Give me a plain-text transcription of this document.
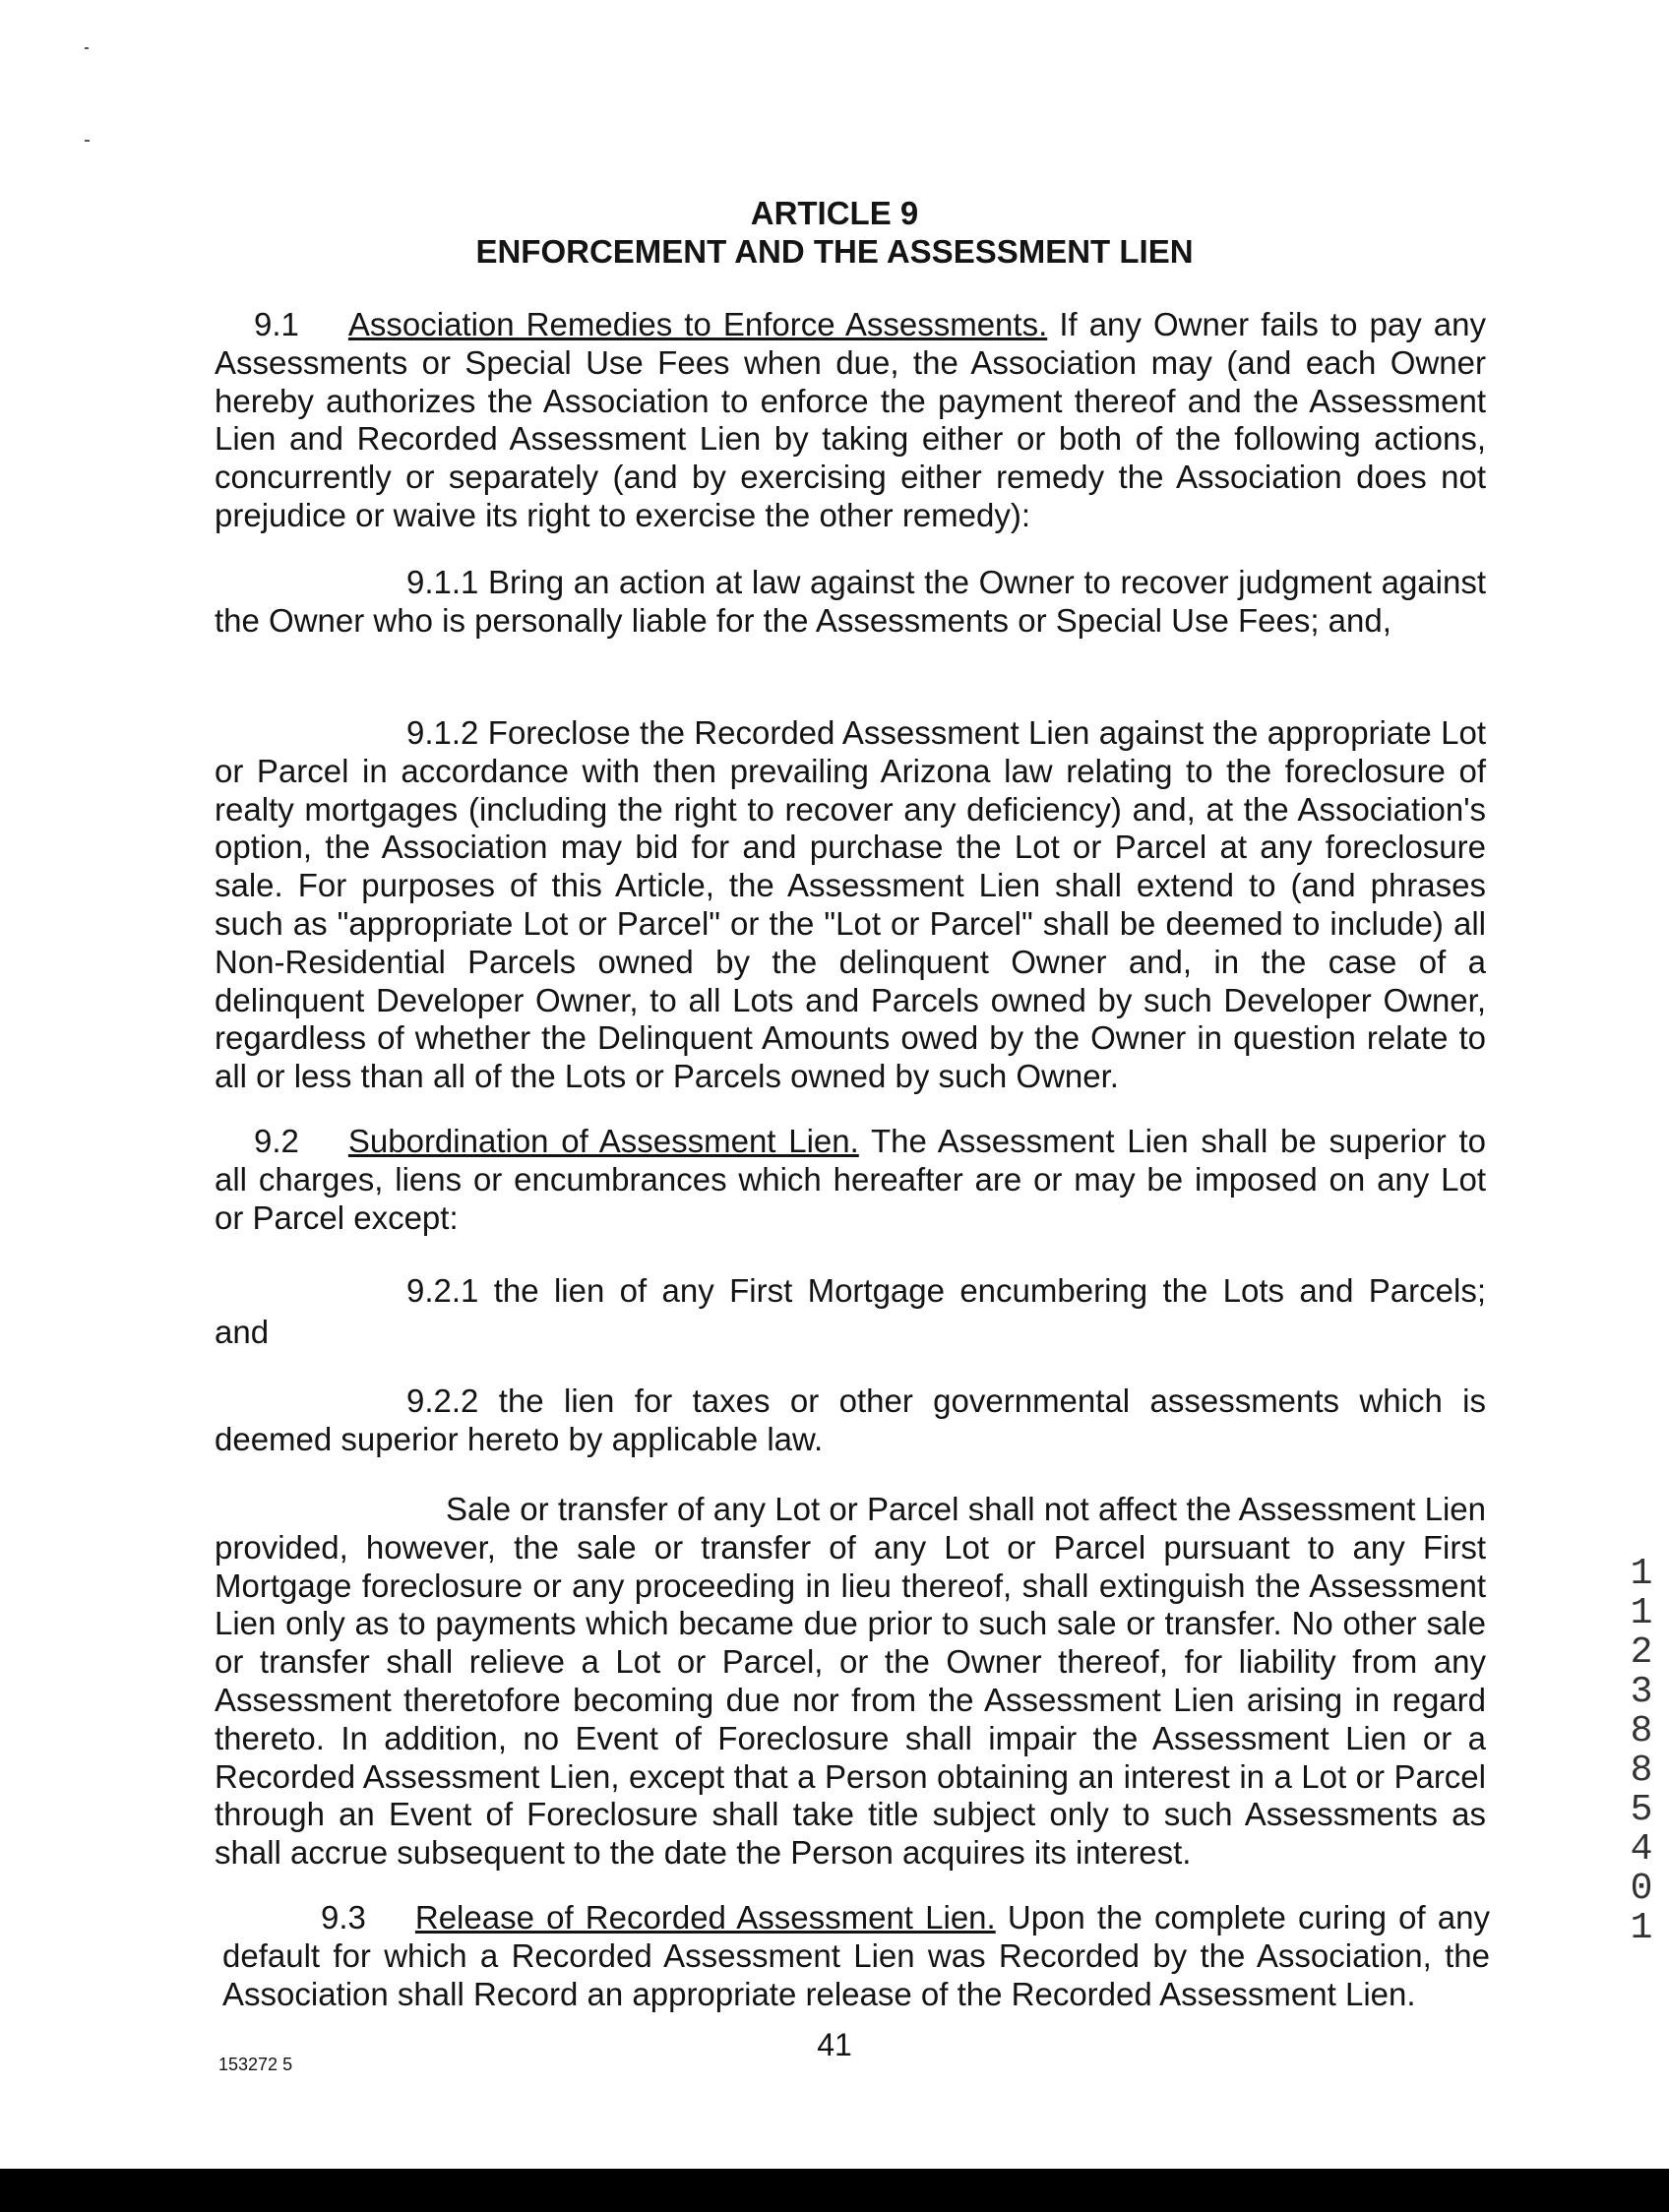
ARTICLE 9
ENFORCEMENT AND THE ASSESSMENT LIEN
9.1 Association Remedies to Enforce Assessments. If any Owner fails to pay any Assessments or Special Use Fees when due, the Association may (and each Owner hereby authorizes the Association to enforce the payment thereof and the Assessment Lien and Recorded Assessment Lien by taking either or both of the following actions, concurrently or separately (and by exercising either remedy the Association does not prejudice or waive its right to exercise the other remedy):
9.1.1 Bring an action at law against the Owner to recover judgment against the Owner who is personally liable for the Assessments or Special Use Fees; and,
9.1.2 Foreclose the Recorded Assessment Lien against the appropriate Lot or Parcel in accordance with then prevailing Arizona law relating to the foreclosure of realty mortgages (including the right to recover any deficiency) and, at the Association's option, the Association may bid for and purchase the Lot or Parcel at any foreclosure sale. For purposes of this Article, the Assessment Lien shall extend to (and phrases such as "appropriate Lot or Parcel" or the "Lot or Parcel" shall be deemed to include) all Non-Residential Parcels owned by the delinquent Owner and, in the case of a delinquent Developer Owner, to all Lots and Parcels owned by such Developer Owner, regardless of whether the Delinquent Amounts owed by the Owner in question relate to all or less than all of the Lots or Parcels owned by such Owner.
9.2 Subordination of Assessment Lien. The Assessment Lien shall be superior to all charges, liens or encumbrances which hereafter are or may be imposed on any Lot or Parcel except:
9.2.1 the lien of any First Mortgage encumbering the Lots and Parcels;
and
9.2.2 the lien for taxes or other governmental assessments which is deemed superior hereto by applicable law.
Sale or transfer of any Lot or Parcel shall not affect the Assessment Lien provided, however, the sale or transfer of any Lot or Parcel pursuant to any First Mortgage foreclosure or any proceeding in lieu thereof, shall extinguish the Assessment Lien only as to payments which became due prior to such sale or transfer. No other sale or transfer shall relieve a Lot or Parcel, or the Owner thereof, for liability from any Assessment theretofore becoming due nor from the Assessment Lien arising in regard thereto. In addition, no Event of Foreclosure shall impair the Assessment Lien or a Recorded Assessment Lien, except that a Person obtaining an interest in a Lot or Parcel through an Event of Foreclosure shall take title subject only to such Assessments as shall accrue subsequent to the date the Person acquires its interest.
9.3 Release of Recorded Assessment Lien. Upon the complete curing of any default for which a Recorded Assessment Lien was Recorded by the Association, the Association shall Record an appropriate release of the Recorded Assessment Lien.
41
153272 5
1123885401
